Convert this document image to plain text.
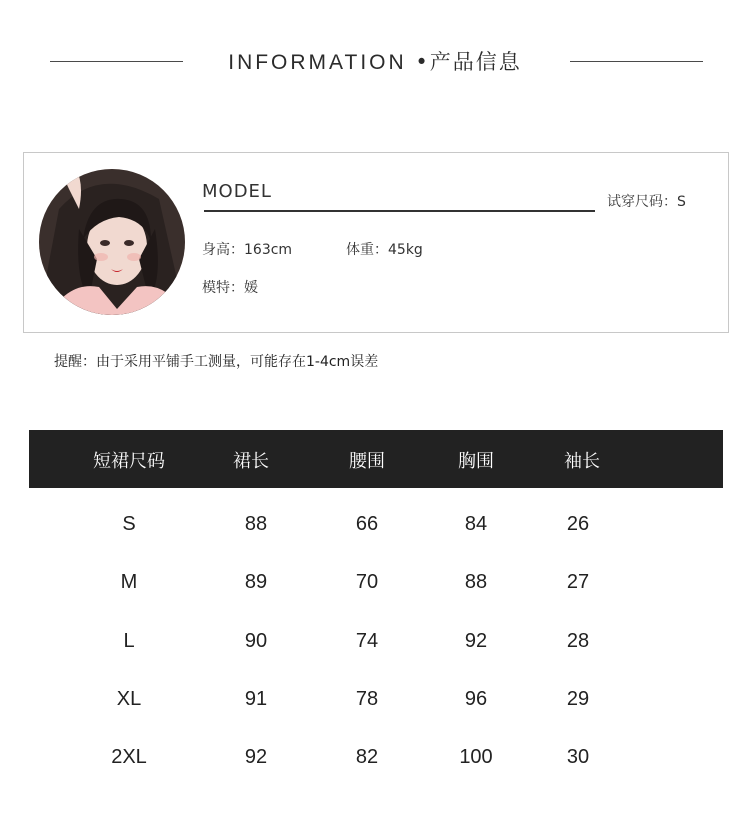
INFORMATION •产品信息
MODEL	试穿尺码：S
身高：163cm	体重：45kg
模特：媛
提醒：由于采用平铺手工测量，可能存在1-4cm误差
短裙尺码	裙长	腰围	胸围	袖长
S	88	66	84	26
M	89	70	88	27
L	90	74	92	28
XL	91	78	96	29
2XL	92	82	100	30
